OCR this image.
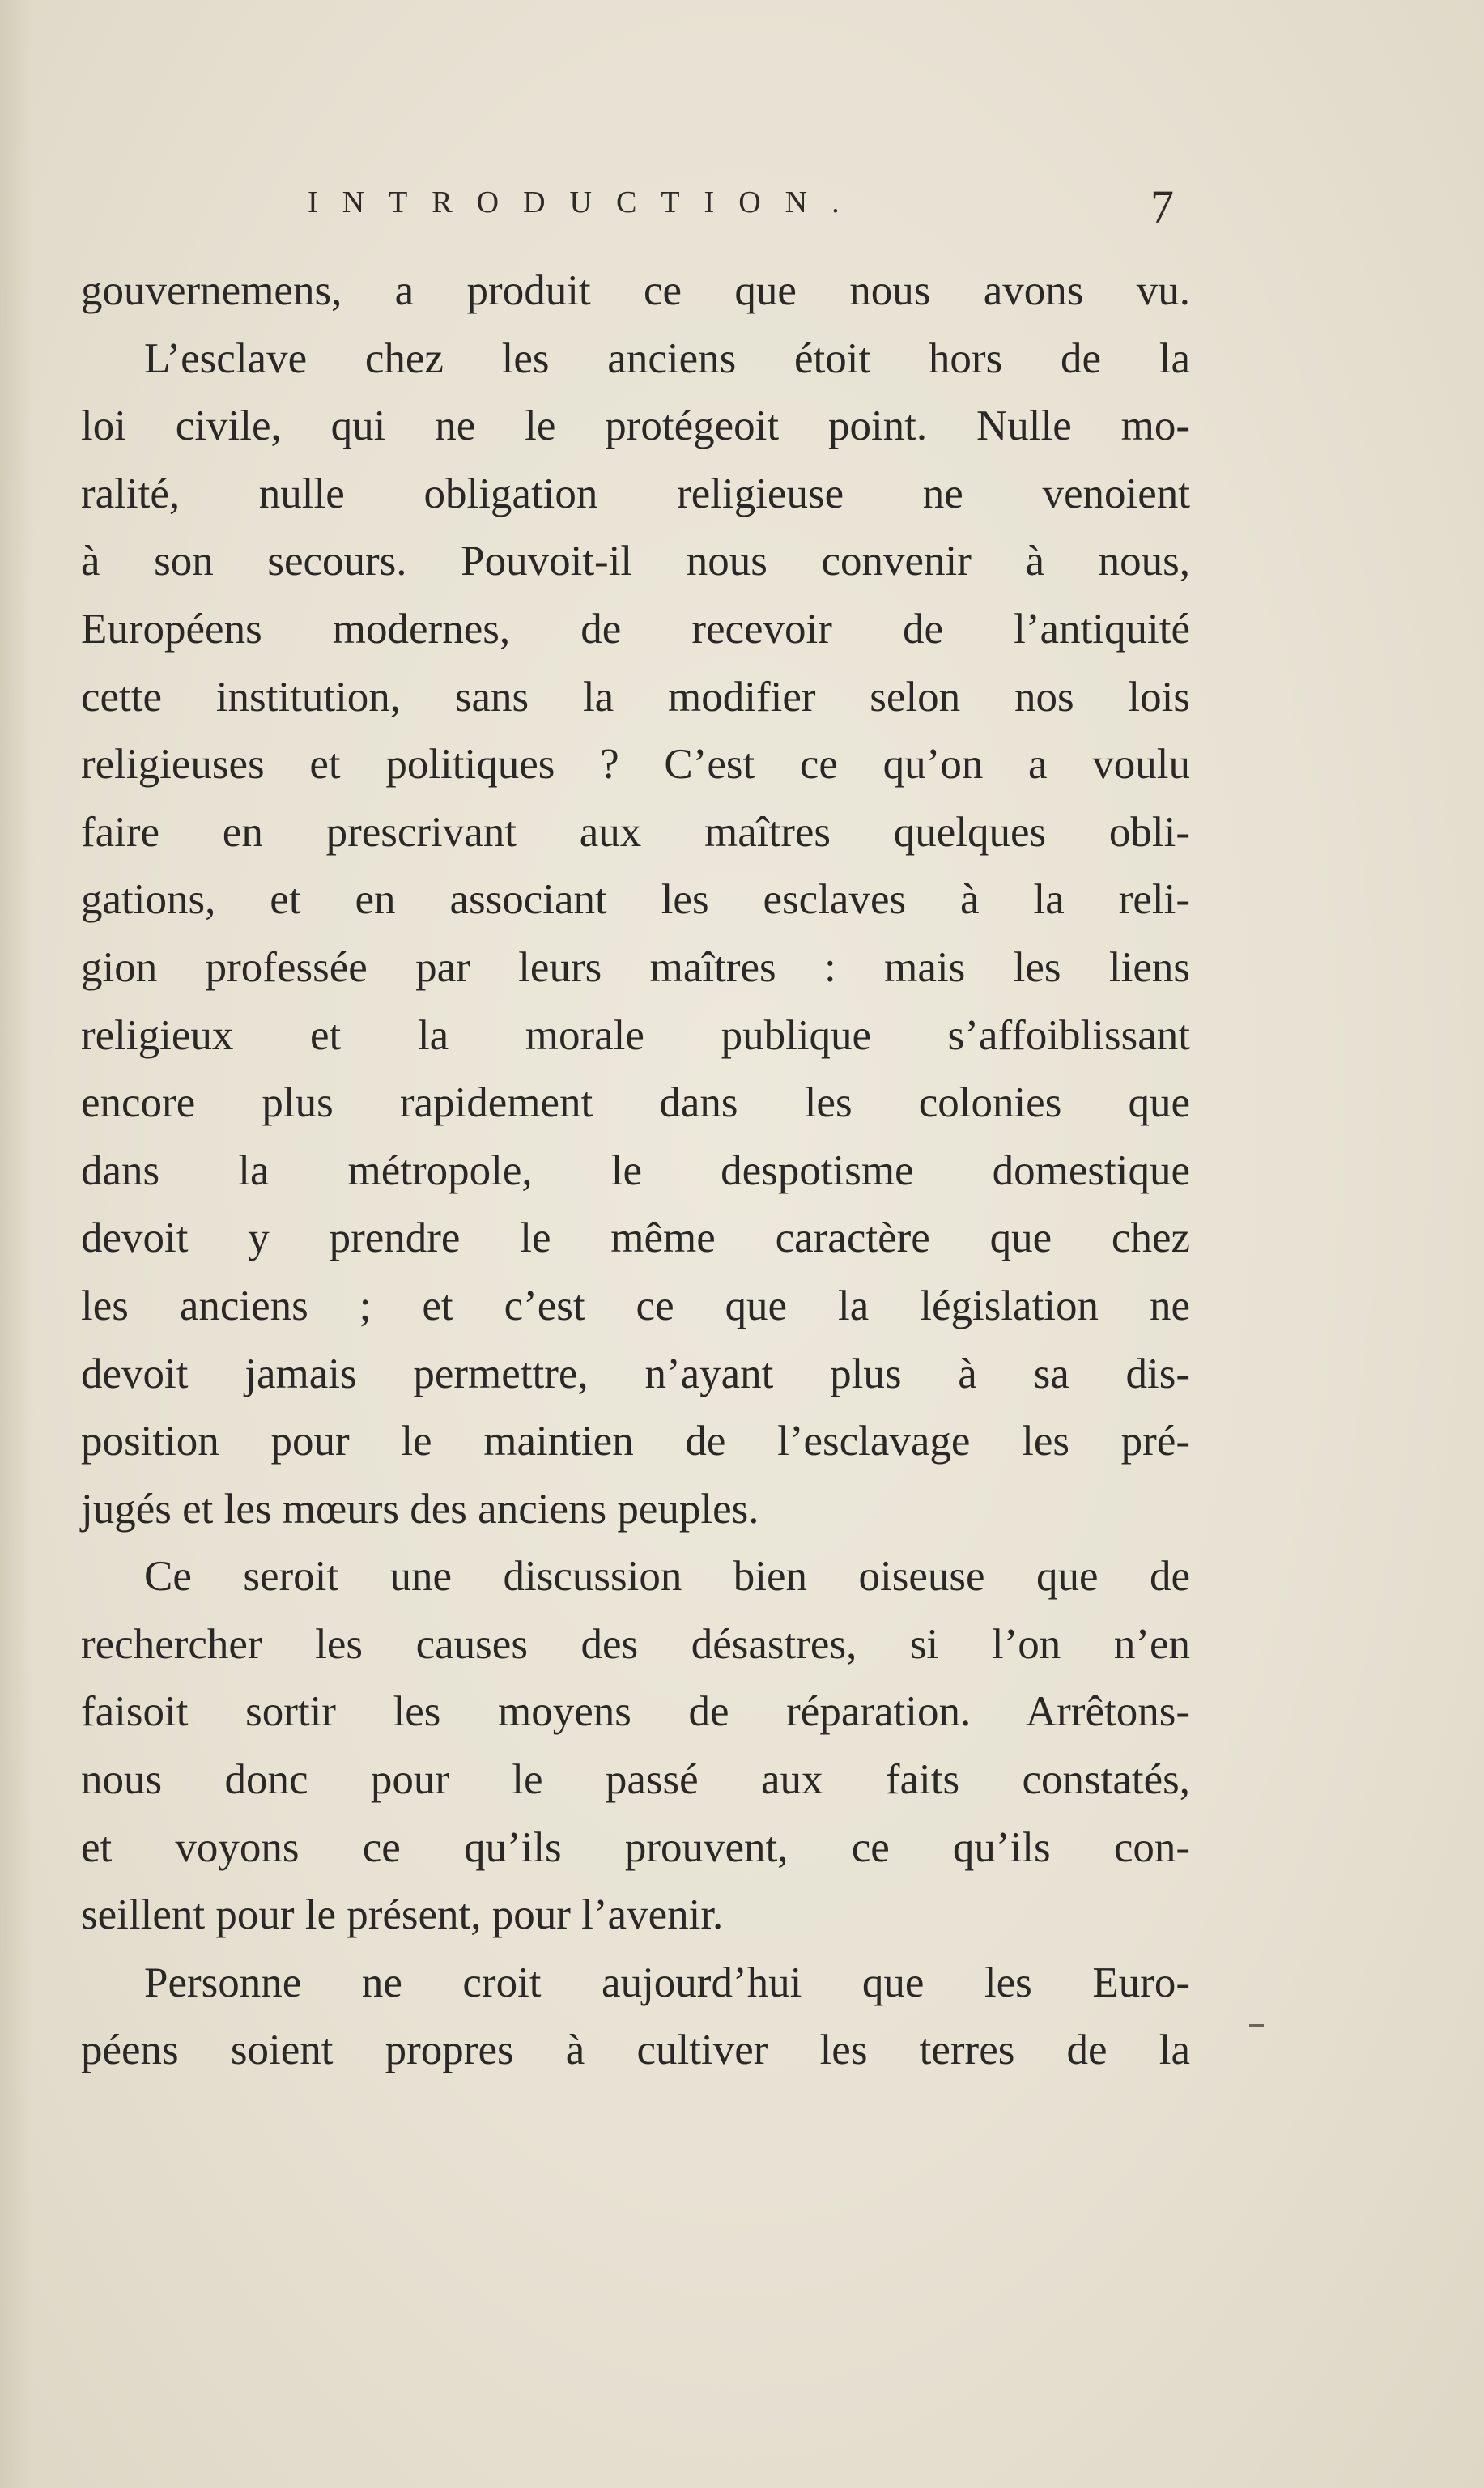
INTRODUCTION.	7
gouvernemens, a produit ce que nous avons vu.
L’esclave chez les anciens étoit hors de la
loi civile, qui ne le protégeoit point. Nulle mo-
ralité, nulle obligation religieuse ne venoient
à son secours. Pouvoit-il nous convenir à nous,
Européens modernes, de recevoir de l’antiquité
cette institution, sans la modifier selon nos lois
religieuses et politiques ? C’est ce qu’on a voulu
faire en prescrivant aux maîtres quelques obli-
gations, et en associant les esclaves à la reli-
gion professée par leurs maîtres : mais les liens
religieux et la morale publique s’affoiblissant
encore plus rapidement dans les colonies que
dans la métropole, le despotisme domestique
devoit y prendre le même caractère que chez
les anciens ; et c’est ce que la législation ne
devoit jamais permettre, n’ayant plus à sa dis-
position pour le maintien de l’esclavage les pré-
jugés et les mœurs des anciens peuples.
Ce seroit une discussion bien oiseuse que de
rechercher les causes des désastres, si l’on n’en
faisoit sortir les moyens de réparation. Arrêtons-
nous donc pour le passé aux faits constatés,
et voyons ce qu’ils prouvent, ce qu’ils con-
seillent pour le présent, pour l’avenir.
Personne ne croit aujourd’hui que les Euro-
péens soient propres à cultiver les terres de la
